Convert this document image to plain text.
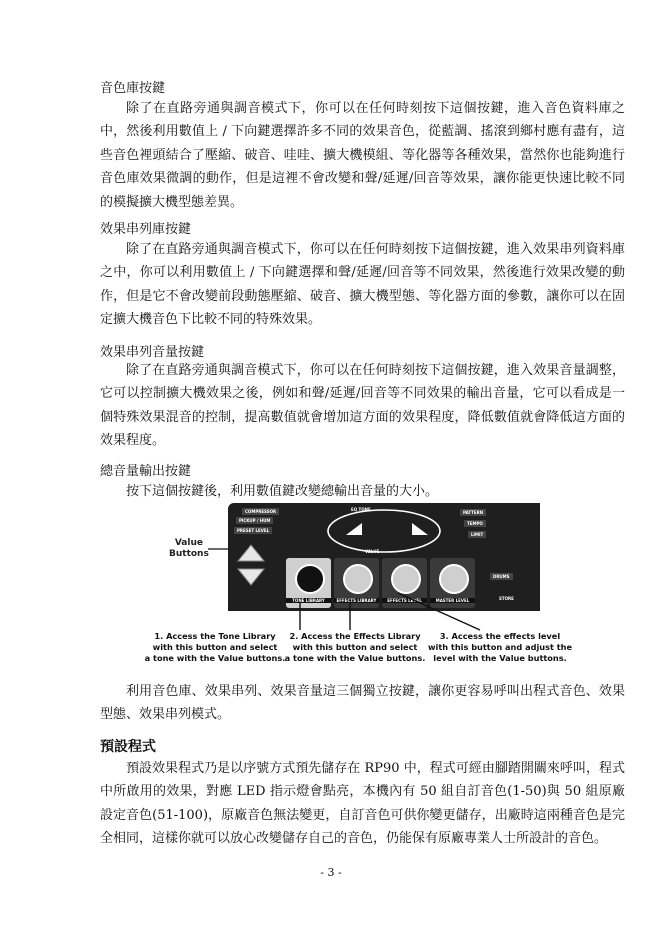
音色庫按鍵
除了在直路旁通與調音模式下，你可以在任何時刻按下這個按鍵，進入音色資料庫之中，然後利用數值上 / 下向鍵選擇許多不同的效果音色，從藍調、搖滾到鄉村應有盡有，這些音色裡頭結合了壓縮、破音、哇哇、擴大機模組、等化器等各種效果，當然你也能夠進行音色庫效果微調的動作，但是這裡不會改變和聲/延遲/回音等效果，讓你能更快速比較不同的模擬擴大機型態差異。
效果串列庫按鍵
除了在直路旁通與調音模式下，你可以在任何時刻按下這個按鍵，進入效果串列資料庫之中，你可以利用數值上 / 下向鍵選擇和聲/延遲/回音等不同效果，然後進行效果改變的動作，但是它不會改變前段動態壓縮、破音、擴大機型態、等化器方面的參數，讓你可以在固定擴大機音色下比較不同的特殊效果。
效果串列音量按鍵
除了在直路旁通與調音模式下，你可以在任何時刻按下這個按鍵，進入效果音量調整，它可以控制擴大機效果之後，例如和聲/延遲/回音等不同效果的輸出音量，它可以看成是一個特殊效果混音的控制，提高數值就會增加這方面的效果程度，降低數值就會降低這方面的效果程度。
總音量輸出按鍵
按下這個按鍵後，利用數值鍵改變總輸出音量的大小。
Value
Buttons
COMPRESSOR
PICKUP / HUM
PRESET LEVEL
EQ TONE
VALUE
PATTERN
TEMPO
LIMIT
DRUMS
STORE
TONE LIBRARY	EFFECTS LIBRARY	EFFECTS LEVEL	MASTER LEVEL
1. Access the Tone Library
with this button and select
a tone with the Value buttons.
2. Access the Effects Library
with this button and select
a tone with the Value buttons.
3. Access the effects level
with this button and adjust the
level with the Value buttons.
利用音色庫、效果串列、效果音量這三個獨立按鍵，讓你更容易呼叫出程式音色、效果型態、效果串列模式。
預設程式
預設效果程式乃是以序號方式預先儲存在 RP90 中，程式可經由腳踏開關來呼叫，程式中所啟用的效果，對應 LED 指示燈會點亮，本機內有 50 組自訂音色(1-50)與 50 組原廠設定音色(51-100)，原廠音色無法變更，自訂音色可供你變更儲存，出廠時這兩種音色是完全相同，這樣你就可以放心改變儲存自己的音色，仍能保有原廠專業人士所設計的音色。
- 3 -
